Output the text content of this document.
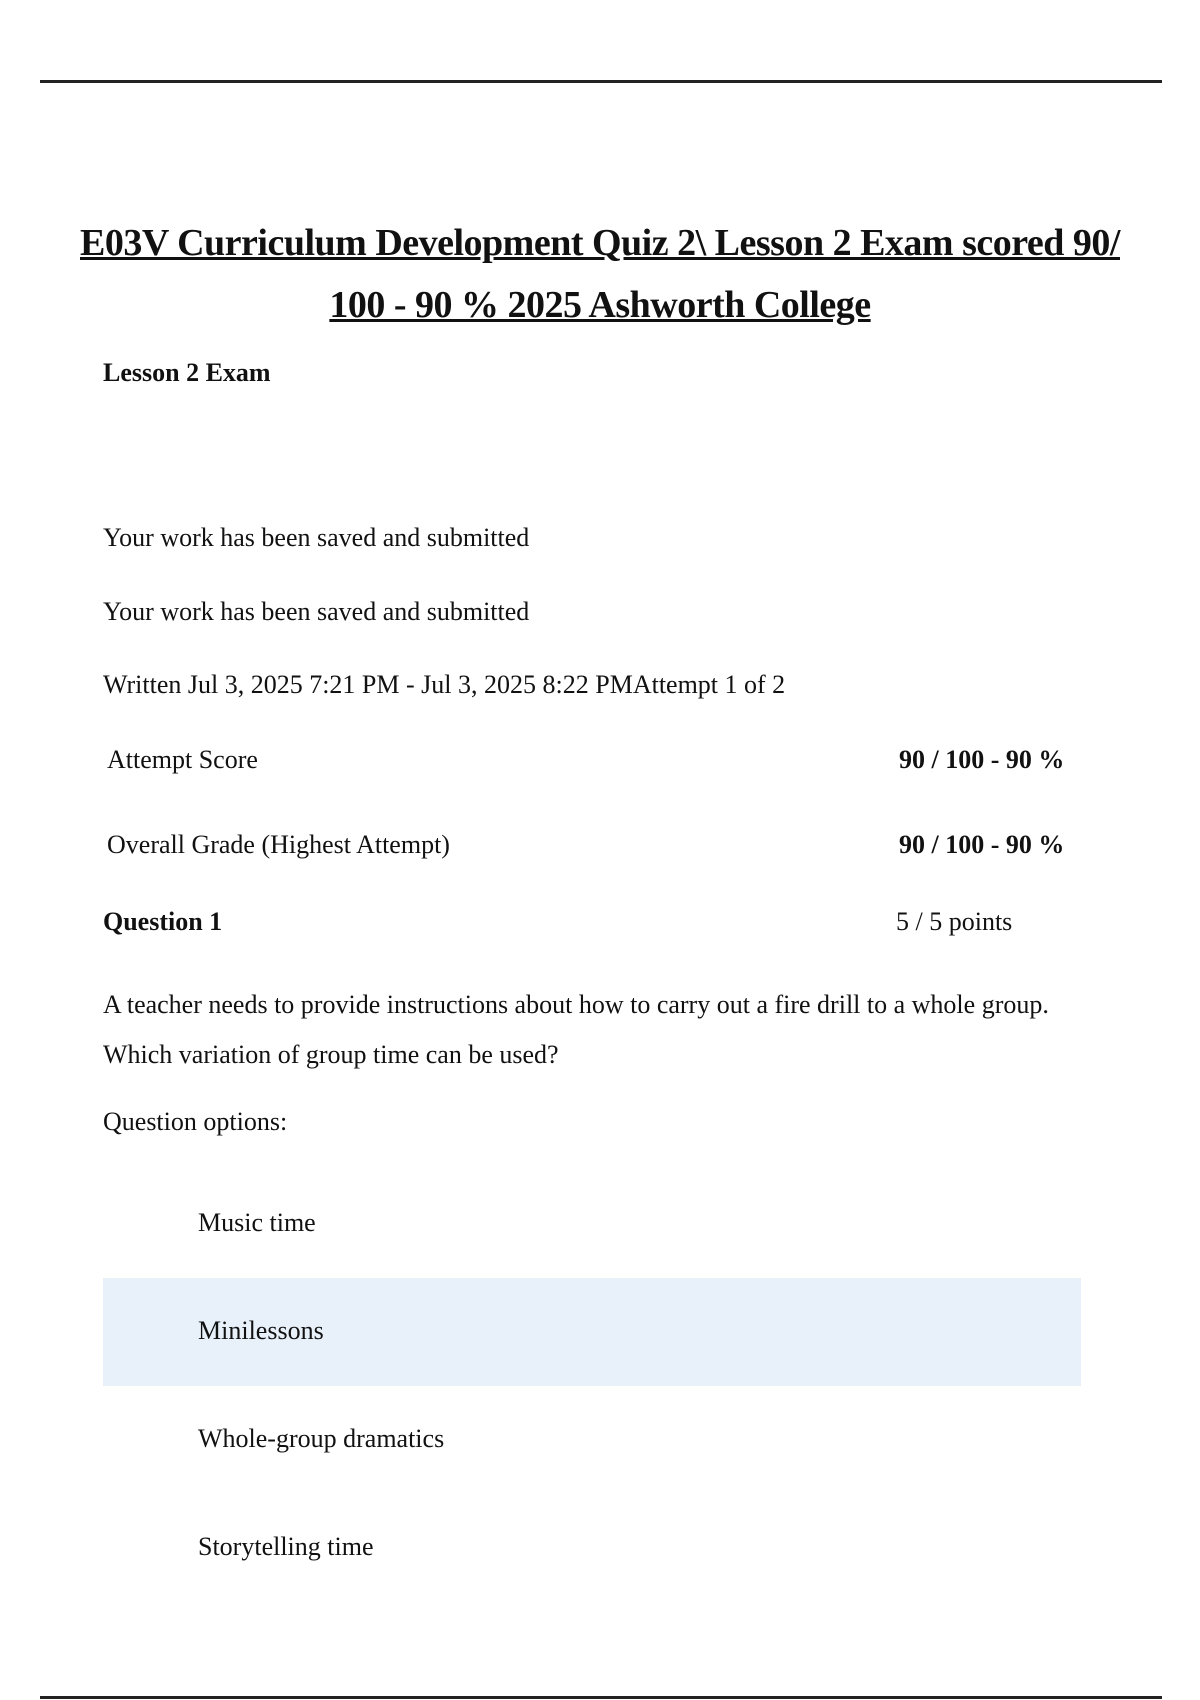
E03V Curriculum Development Quiz 2\ Lesson 2 Exam scored 90/ 100 - 90 % 2025 Ashworth College

Lesson 2 Exam

Your work has been saved and submitted

Your work has been saved and submitted

Written Jul 3, 2025 7:21 PM - Jul 3, 2025 8:22 PMAttempt 1 of 2

Attempt Score	90 / 100 - 90 %
Overall Grade (Highest Attempt)	90 / 100 - 90 %
Question 1	5 / 5 points

A teacher needs to provide instructions about how to carry out a fire drill to a whole group. Which variation of group time can be used?

Question options:

Music time
Minilessons
Whole-group dramatics
Storytelling time
